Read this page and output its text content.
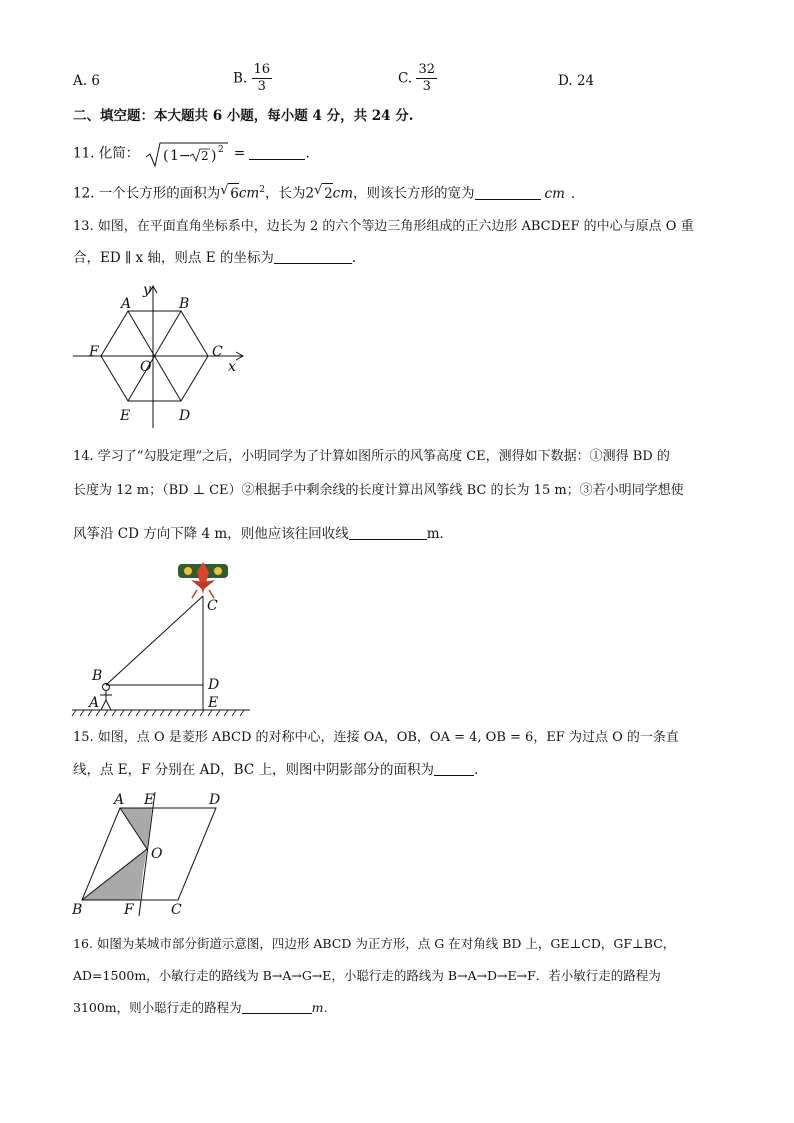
A. 6	B. $\frac{16}{3}$	C. $\frac{32}{3}$	D. 24
二、填空题：本大题共 6 小题，每小题 4 分，共 24 分.
11. 化简： ( 1− 2 ) 2 =	.
12. 一个长方形的面积为 √ $6cm^2$，长为2 √ 2cm，则该长方形的宽为	cm .
13. 如图，在平面直角坐标系中，边长为 2 的六个等边三角形组成的正六边形 ABCDEF 的中心与原点 O 重
合，ED ∥ x 轴，则点 E 的坐标为	.
A	B
C
D
E
F
O	x
y
14. 学习了“勾股定理”之后，小明同学为了计算如图所示的风筝高度 CE，测得如下数据：①测得 BD 的
长度为 12 m；（BD ⊥ CE）②根据手中剩余线的长度计算出风筝线 BC 的长为 15 m；③若小明同学想使
风筝沿 CD 方向下降 4 m，则他应该往回收线	m．
C
B
D
E
A
15. 如图，点 O 是菱形 ABCD 的对称中心，连接 OA，OB，OA = 4, OB = 6，EF 为过点 O 的一条直
线，点 E，F 分别在 AD，BC 上，则图中阴影部分的面积为	.
A E	D
O
B	F	C
16. 如图为某城市部分街道示意图，四边形 ABCD 为正方形，点 G 在对角线 BD 上，GE⊥CD，GF⊥BC，
AD=1500m，小敏行走的路线为 B→A→G→E，小聪行走的路线为 B→A→D→E→F．若小敏行走的路程为
3100m，则小聪行走的路程为	m.
